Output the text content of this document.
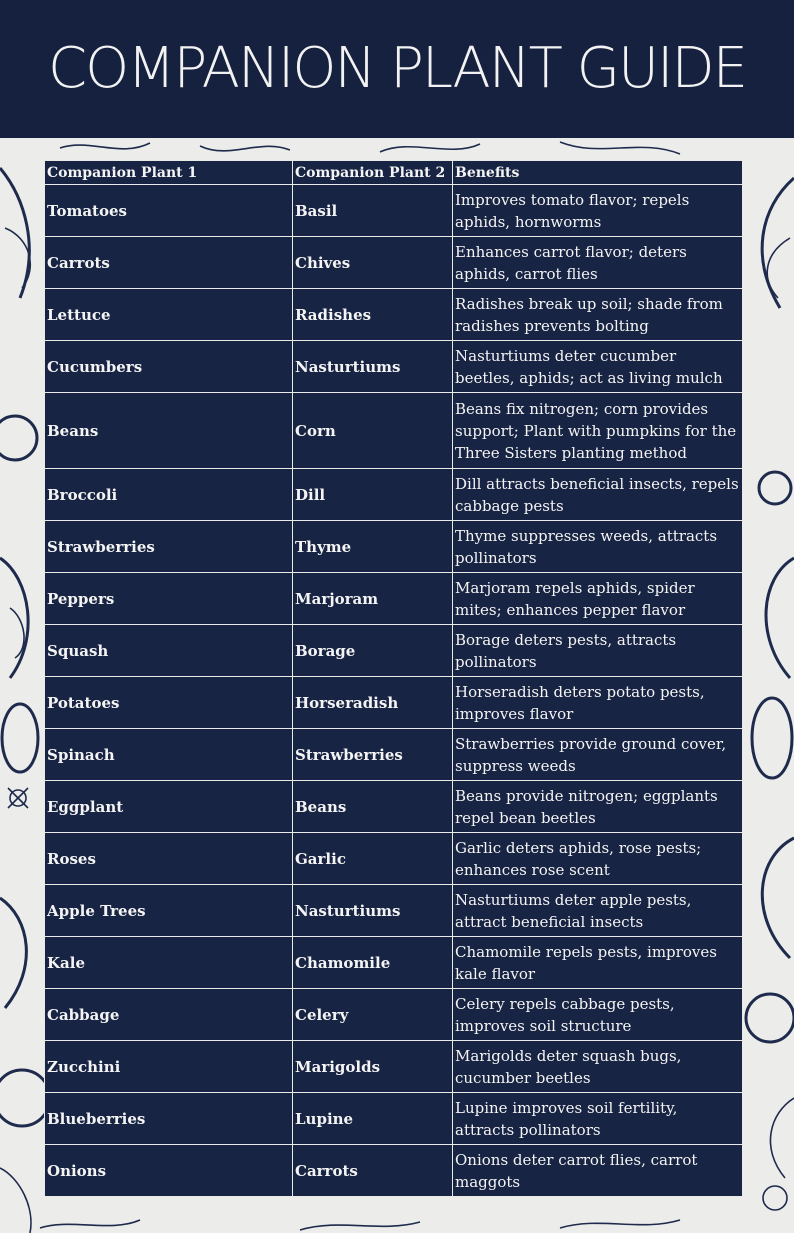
COMPANION PLANT GUIDE
Companion Plant 1	Companion Plant 2	Benefits
Tomatoes	Basil	Improves tomato flavor; repels aphids, hornworms
Carrots	Chives	Enhances carrot flavor; deters aphids, carrot flies
Lettuce	Radishes	Radishes break up soil; shade from radishes prevents bolting
Cucumbers	Nasturtiums	Nasturtiums deter cucumber beetles, aphids; act as living mulch
Beans	Corn	Beans fix nitrogen; corn provides support; Plant with pumpkins for the Three Sisters planting method
Broccoli	Dill	Dill attracts beneficial insects, repels cabbage pests
Strawberries	Thyme	Thyme suppresses weeds, attracts pollinators
Peppers	Marjoram	Marjoram repels aphids, spider mites; enhances pepper flavor
Squash	Borage	Borage deters pests, attracts pollinators
Potatoes	Horseradish	Horseradish deters potato pests, improves flavor
Spinach	Strawberries	Strawberries provide ground cover, suppress weeds
Eggplant	Beans	Beans provide nitrogen; eggplants repel bean beetles
Roses	Garlic	Garlic deters aphids, rose pests; enhances rose scent
Apple Trees	Nasturtiums	Nasturtiums deter apple pests, attract beneficial insects
Kale	Chamomile	Chamomile repels pests, improves kale flavor
Cabbage	Celery	Celery repels cabbage pests, improves soil structure
Zucchini	Marigolds	Marigolds deter squash bugs, cucumber beetles
Blueberries	Lupine	Lupine improves soil fertility, attracts pollinators
Onions	Carrots	Onions deter carrot flies, carrot maggots
